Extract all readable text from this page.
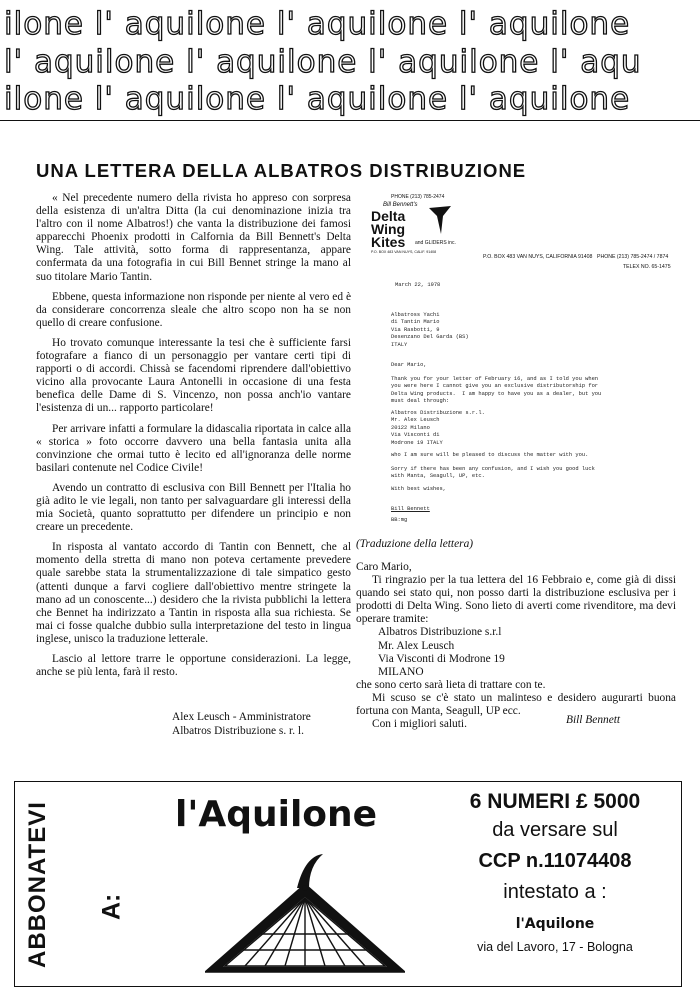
ilone l' aquilone l' aquilone l' aquilone
l' aquilone l' aquilone l' aquilone l' aqu
ilone l' aquilone l' aquilone l' aquilone
UNA LETTERA DELLA ALBATROS DISTRIBUZIONE

« Nel precedente numero della rivista ho appreso con sorpresa della esistenza di un'altra Ditta (la cui denominazione inizia tra l'altro con il nome Albatros!) che vanta la distribuzione dei famosi apparecchi Phoenix prodotti in Calfornia da Bill Bennett's Delta Wing. Tale attività, sotto forma di rappresentanza, appare confermata da una fotografia in cui Bill Bennet stringe la mano al suo titolare Mario Tantin.

Ebbene, questa informazione non risponde per niente al vero ed è da considerare concorrenza sleale che altro scopo non ha se non quello di creare confusione.

Ho trovato comunque interessante la tesi che è sufficiente farsi fotografare a fianco di un personaggio per vantare certi tipi di rapporti o di accordi. Chissà se facendomi riprendere dall'obiettivo vicino alla provocante Laura Antonelli in occasione di una festa benefica delle Dame di S. Vincenzo, non possa anch'io vantare l'esistenza di un... rapporto particolare!

Per arrivare infatti a formulare la didascalia riportata in calce alla « storica » foto occorre davvero una bella fantasia unita alla convinzione che ormai tutto è lecito ed all'ignoranza delle norme basilari contenute nel Codice Civile!

Avendo un contratto di esclusiva con Bill Bennett per l'Italia ho già adito le vie legali, non tanto per salvaguardare gli interessi della mia Società, quanto soprattutto per difendere un principio e non creare un precedente.

In risposta al vantato accordo di Tantin con Bennett, che al momento della stretta di mano non poteva certamente prevedere quale sarebbe stata la strumentalizzazione di tale simpatico gesto (attenti dunque a farvi cogliere dall'obiettivo mentre stringete la mano ad un conoscente...) desidero che la rivista pubblichi la lettera che Bennet ha indirizzato a Tantin in risposta alla sua richiesta. Se mai ci fosse qualche dubbio sulla interpretazione del testo in lingua inglese, unisco la traduzione letterale.

Lascio al lettore trarre le opportune considerazioni. La legge, anche se più lenta, farà il resto.

Alex Leusch - Amministratore
Albatros Distribuzione s. r. l.
Bill Bennett's
PHONE (213) 785-2474
Delta
Wing
Kites	and GLIDERS inc.
P.O. BOX 483 VAN NUYS, CALIF. 91408
P.O. BOX 483 VAN NUYS, CALIFORNIA 91408 PHONE (213) 785-2474 / 7874
TELEX NO. 65-1475
March 22, 1978
Albatross Yachi
di Tantin Mario
Via Rasbotti, 9
Desenzano Del Garda (BS)
ITALY
Dear Mario,
Thank you for your letter of February 16, and as I told you when
you were here I cannot give you an exclusive distributorship for
Delta Wing products.  I am happy to have you as a dealer, but you
must deal through:
Albatros Distribuzione s.r.l.
Mr. Alex Leusch
20122 Milano
Via Visconti di
Modrone 19 ITALY
who I am sure will be pleased to discuss the matter with you.
Sorry if there has been any confusion, and I wish you good luck
with Manta, Seagull, UP, etc.
With best wishes,
Bill Bennett
BB:mg
(Traduzione della lettera)

Caro Mario,

Ti ringrazio per la tua lettera del 16 Febbraio e, come già di dissi quando sei stato qui, non posso darti la distribuzione esclusiva per i prodotti di Delta Wing. Sono lieto di averti come rivenditore, ma devi operare tramite:

Albatros Distribuzione s.r.l

Mr. Alex Leusch

Via Visconti di Modrone 19

MILANO

che sono certo sarà lieta di trattare con te.

Mi scuso se c'è stato un malinteso e desidero augurarti buona fortuna con Manta, Seagull, UP ecc.

Con i migliori saluti.	Bill Bennett
ABBONATEVI A:
l'Aquilone	6 NUMERI £ 5000
da versare sul
CCP n.11074408
intestato a :
l'Aquilone
via del Lavoro, 17 - Bologna
